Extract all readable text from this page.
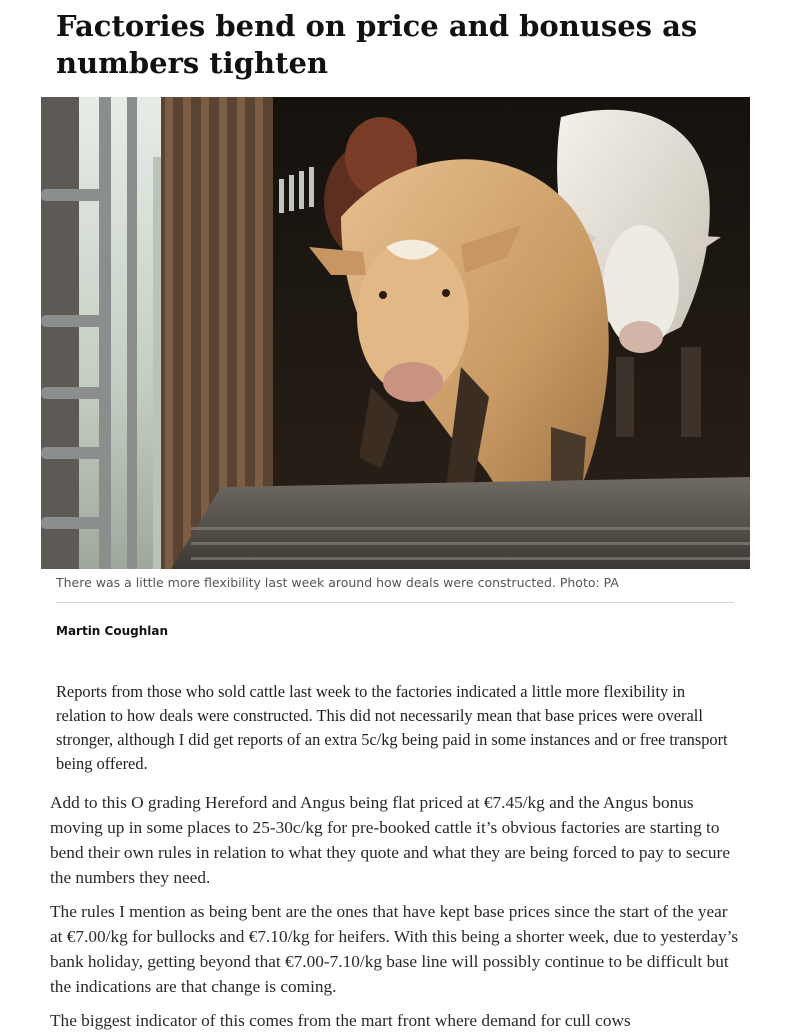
Factories bend on price and bonuses as numbers tighten
There was a little more flexibility last week around how deals were constructed. Photo: PA
Martin Coughlan

Reports from those who sold cattle last week to the factories indicated a little more flexibility in relation to how deals were constructed. This did not necessarily mean that base prices were overall stronger, although I did get reports of an extra 5c/kg being paid in some instances and or free transport being offered.

Add to this O grading Hereford and Angus being flat priced at €7.45/kg and the Angus bonus moving up in some places to 25-30c/kg for pre-booked cattle it’s obvious factories are starting to bend their own rules in relation to what they quote and what they are being forced to pay to secure the numbers they need.

The rules I mention as being bent are the ones that have kept base prices since the start of the year at €7.00/kg for bullocks and €7.10/kg for heifers. With this being a shorter week, due to yesterday’s bank holiday, getting beyond that €7.00-7.10/kg base line will possibly continue to be difficult but the indications are that change is coming.

The biggest indicator of this comes from the mart front where demand for cull cows
